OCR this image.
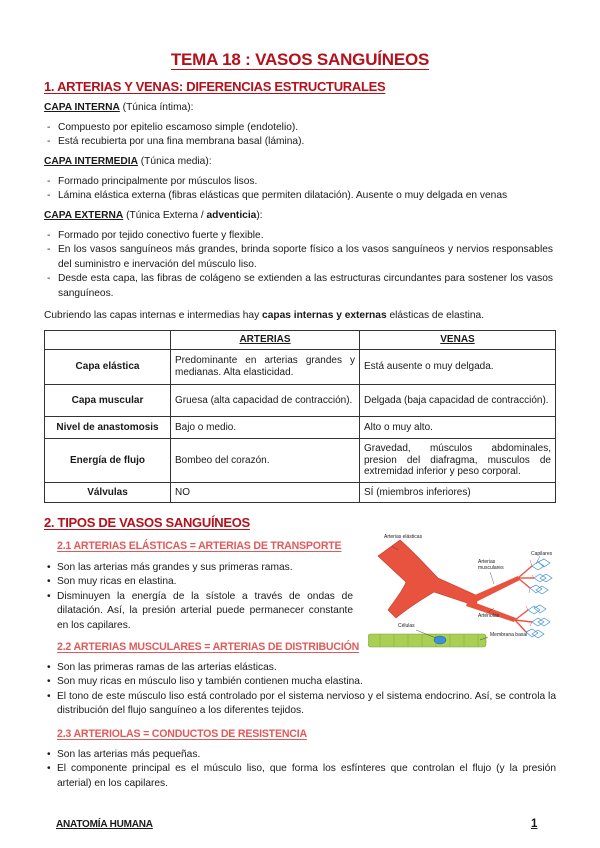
TEMA 18 : VASOS SANGUÍNEOS
1. ARTERIAS Y VENAS: DIFERENCIAS ESTRUCTURALES
CAPA INTERNA (Túnica íntima):
- Compuesto por epitelio escamoso simple (endotelio).
- Está recubierta por una fina membrana basal (lámina).
CAPA INTERMEDIA (Túnica media):
- Formado principalmente por músculos lisos.
- Lámina elástica externa (fibras elásticas que permiten dilatación). Ausente o muy delgada en venas
CAPA EXTERNA (Túnica Externa / adventicia):
- Formado por tejido conectivo fuerte y flexible.
- En los vasos sanguíneos más grandes, brinda soporte físico a los vasos sanguíneos y nervios responsables del suministro e inervación del músculo liso.
- Desde esta capa, las fibras de colágeno se extienden a las estructuras circundantes para sostener los vasos sanguíneos.
Cubriendo las capas internas e intermedias hay capas internas y externas elásticas de elastina.
	ARTERIAS	VENAS
Capa elástica	Predominante en arterias grandes y medianas. Alta elasticidad.	Está ausente o muy delgada.
Capa muscular	Gruesa (alta capacidad de contracción).	Delgada (baja capacidad de contracción).
Nivel de anastomosis	Bajo o medio.	Alto o muy alto.
Energía de flujo	Bombeo del corazón.	Gravedad, músculos abdominales, presion del diafragma, musculos de extremidad inferior y peso corporal.
Válvulas	NO	SÍ (miembros inferiores)
2. TIPOS DE VASOS SANGUÍNEOS
2.1 ARTERIAS ELÁSTICAS = ARTERIAS DE TRANSPORTE
• Son las arterias más grandes y sus primeras ramas.
• Son muy ricas en elastina.
• Disminuyen la energía de la sístole a través de ondas de dilatación. Así, la presión arterial puede permanecer constante en los capilares.
2.2 ARTERIAS MUSCULARES = ARTERIAS DE DISTRIBUCIÓN
• Son las primeras ramas de las arterias elásticas.
• Son muy ricas en músculo liso y también contienen mucha elastina.
• El tono de este músculo liso está controlado por el sistema nervioso y el sistema endocrino. Así, se controla la distribución del flujo sanguíneo a los diferentes tejidos.
2.3 ARTERIOLAS = CONDUCTOS DE RESISTENCIA
• Son las arterias más pequeñas.
• El componente principal es el músculo liso, que forma los esfínteres que controlan el flujo (y la presión arterial) en los capilares.
Arterias elásticas
Arterias musculares
Capilares
Arteriolas
Células
Membrana basal
ANATOMÍA HUMANA	1
